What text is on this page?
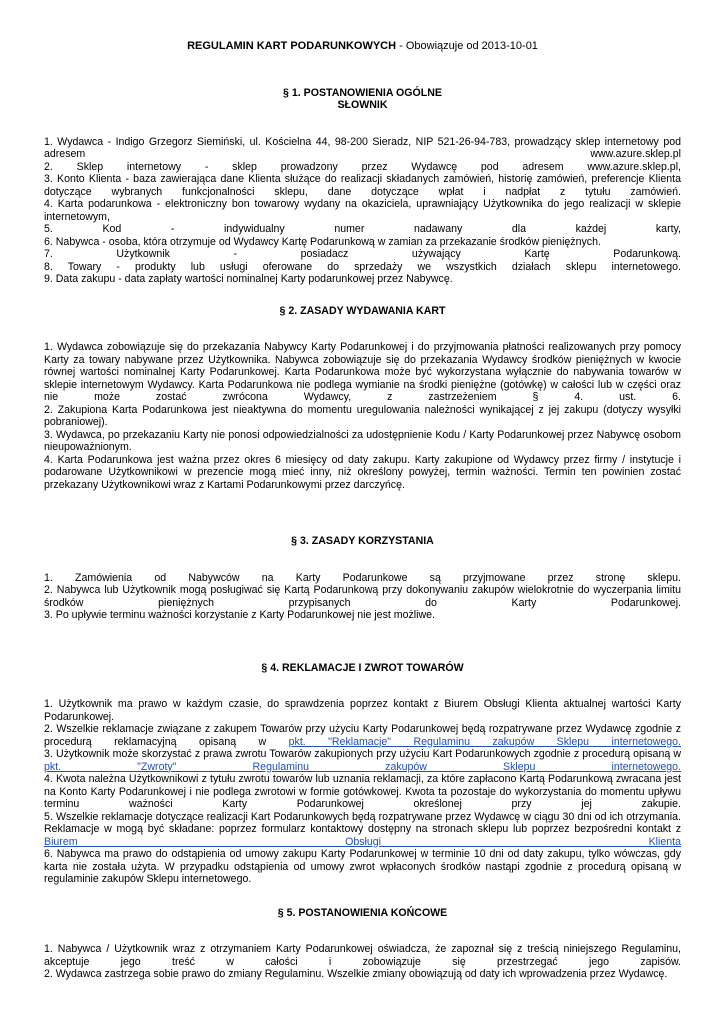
REGULAMIN KART PODARUNKOWYCH - Obowiązuje od 2013-10-01

§ 1. POSTANOWIENIA OGÓLNE

SŁOWNIK

1. Wydawca - Indigo Grzegorz Siemiński, ul. Kościelna 44, 98-200 Sieradz, NIP 521-26-94-783, prowadzący sklep internetowy pod adresem www.azure.sklep.pl

2. Sklep internetowy - sklep prowadzony przez Wydawcę pod adresem www.azure.sklep.pl,

3. Konto Klienta - baza zawierająca dane Klienta służące do realizacji składanych zamówień, historię zamówień, preferencje Klienta dotyczące wybranych funkcjonalności sklepu, dane dotyczące wpłat i nadpłat z tytułu zamówień.

4. Karta podarunkowa - elektroniczny bon towarowy wydany na okaziciela, uprawniający Użytkownika do jego realizacji w sklepie internetowym,

5. Kod - indywidualny numer nadawany dla każdej karty,

6. Nabywca - osoba, która otrzymuje od Wydawcy Kartę Podarunkową w zamian za przekazanie środków pieniężnych.

7. Użytkownik - posiadacz używający Kartę Podarunkową.

8. Towary - produkty lub usługi oferowane do sprzedaży we wszystkich działach sklepu internetowego.

9. Data zakupu - data zapłaty wartości nominalnej Karty podarunkowej przez Nabywcę.

§ 2. ZASADY WYDAWANIA KART

1. Wydawca zobowiązuje się do przekazania Nabywcy Karty Podarunkowej i do przyjmowania płatności realizowanych przy pomocy Karty za towary nabywane przez Użytkownika. Nabywca zobowiązuje się do przekazania Wydawcy środków pieniężnych w kwocie równej wartości nominalnej Karty Podarunkowej. Karta Podarunkowa może być wykorzystana wyłącznie do nabywania towarów w sklepie internetowym Wydawcy. Karta Podarunkowa nie podlega wymianie na środki pieniężne (gotówkę) w całości lub w części oraz nie może zostać zwrócona Wydawcy, z zastrzeżeniem § 4. ust. 6.

2. Zakupiona Karta Podarunkowa jest nieaktywna do momentu uregulowania należności wynikającej z jej zakupu (dotyczy wysyłki pobraniowej).

3. Wydawca, po przekazaniu Karty nie ponosi odpowiedzialności za udostępnienie Kodu / Karty Podarunkowej przez Nabywcę osobom nieupoważnionym.

4. Karta Podarunkowa jest ważna przez okres 6 miesięcy od daty zakupu. Karty zakupione od Wydawcy przez firmy / instytucje i podarowane Użytkownikowi w prezencie mogą mieć inny, niż określony powyżej, termin ważności. Termin ten powinien zostać przekazany Użytkownikowi wraz z Kartami Podarunkowymi przez darczyńcę.

§ 3. ZASADY KORZYSTANIA

1. Zamówienia od Nabywców na Karty Podarunkowe są przyjmowane przez stronę sklepu.

2. Nabywca lub Użytkownik mogą posługiwać się Kartą Podarunkową przy dokonywaniu zakupów wielokrotnie do wyczerpania limitu środków pieniężnych przypisanych do Karty Podarunkowej.

3. Po upływie terminu ważności korzystanie z Karty Podarunkowej nie jest możliwe.

§ 4. REKLAMACJE I ZWROT TOWARÓW

1. Użytkownik ma prawo w każdym czasie, do sprawdzenia poprzez kontakt z Biurem Obsługi Klienta aktualnej wartości Karty Podarunkowej.

2. Wszelkie reklamacje związane z zakupem Towarów przy użyciu Karty Podarunkowej będą rozpatrywane przez Wydawcę zgodnie z procedurą reklamacyjną opisaną w pkt. "Reklamacje" Regulaminu zakupów Sklepu internetowego.

3. Użytkownik może skorzystać z prawa zwrotu Towarów zakupionych przy użyciu Kart Podarunkowych zgodnie z procedurą opisaną w pkt. "Zwroty" Regulaminu zakupów Sklepu internetowego.

4. Kwota należna Użytkownikowi z tytułu zwrotu towarów lub uznania reklamacji, za które zapłacono Kartą Podarunkową zwracana jest na Konto Karty Podarunkowej i nie podlega zwrotowi w formie gotówkowej. Kwota ta pozostaje do wykorzystania do momentu upływu terminu ważności Karty Podarunkowej określonej przy jej zakupie.

5. Wszelkie reklamacje dotyczące realizacji Kart Podarunkowych będą rozpatrywane przez Wydawcę w ciągu 30 dni od ich otrzymania. Reklamacje w mogą być składane: poprzez formularz kontaktowy dostępny na stronach sklepu lub poprzez bezpośredni kontakt z Biurem Obsługi Klienta

6. Nabywca ma prawo do odstąpienia od umowy zakupu Karty Podarunkowej w terminie 10 dni od daty zakupu, tylko wówczas, gdy karta nie została użyta. W przypadku odstąpienia od umowy zwrot wpłaconych środków nastąpi zgodnie z procedurą opisaną w regulaminie zakupów Sklepu internetowego.

§ 5. POSTANOWIENIA KOŃCOWE

1. Nabywca / Użytkownik wraz z otrzymaniem Karty Podarunkowej oświadcza, że zapoznał się z treścią niniejszego Regulaminu, akceptuje jego treść w całości i zobowiązuje się przestrzegać jego zapisów.

2. Wydawca zastrzega sobie prawo do zmiany Regulaminu. Wszelkie zmiany obowiązują od daty ich wprowadzenia przez Wydawcę.
